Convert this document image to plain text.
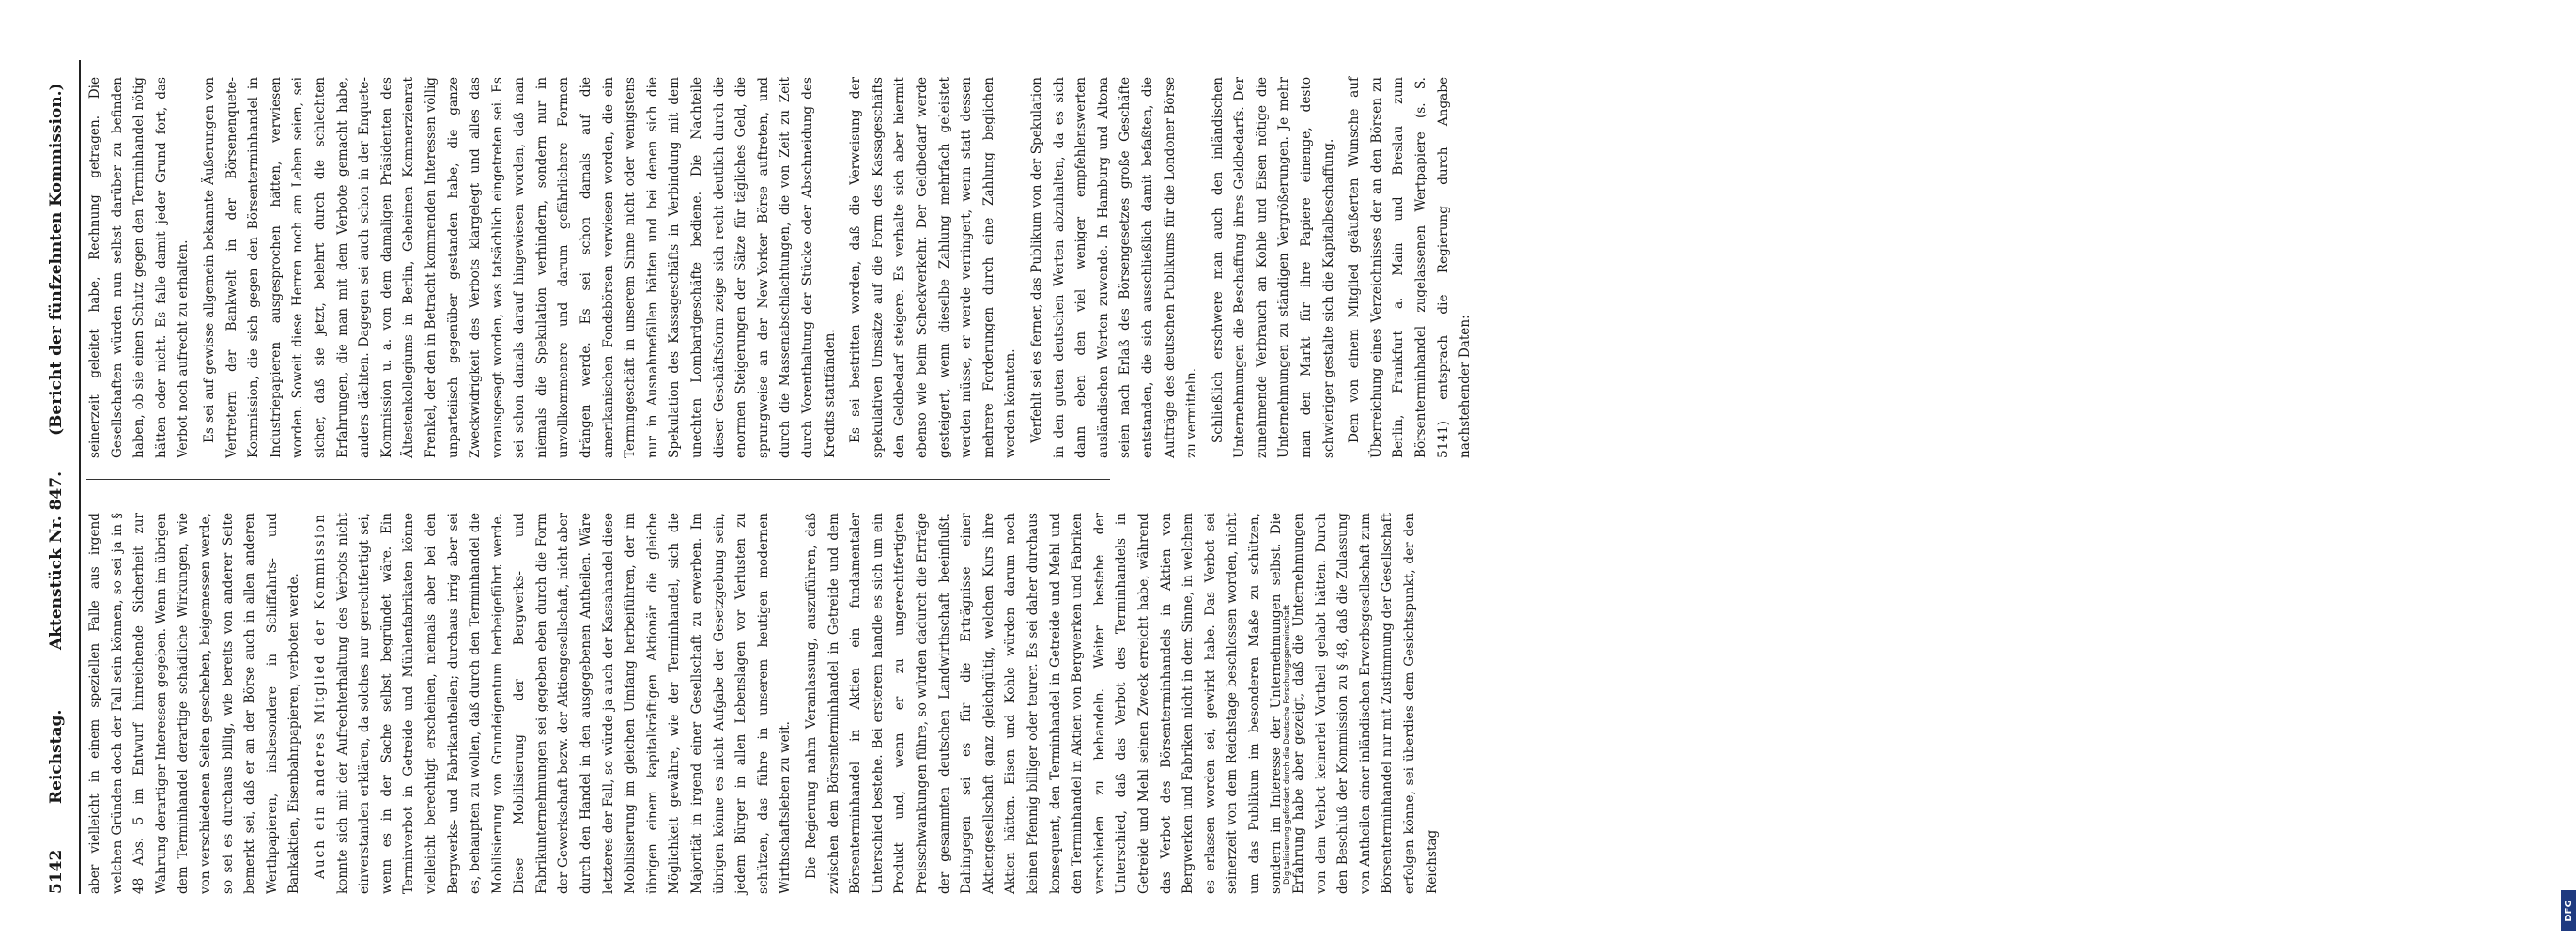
5142
Reichstag.
Aktenstück Nr. 847.
(Bericht der fünfzehnten Kommission.)

aber vielleicht in einem speziellen Falle aus irgend welchen Gründen doch der Fall sein können, so sei ja in § 48 Abs. 5 im Entwurf hinreichende Sicherheit zur Wahrung derartiger Interessen gegeben. Wenn im übrigen dem Terminhandel derartige schädliche Wirkungen, wie von verschiedenen Seiten geschehen, beigemessen werde, so sei es durchaus billig, wie bereits von anderer Seite bemerkt sei, daß er an der Börse auch in allen anderen Werthpapieren, insbesondere in Schiffahrts- und Bankaktien, Eisenbahnpapieren, verboten werde. Auch ein anderes Mitglied der Kommission konnte sich mit der Aufrechterhaltung des Verbots nicht einverstanden erklären, da solches nur gerechtfertigt sei, wenn es in der Sache selbst begründet wäre. Ein Terminverbot in Getreide und Mühlenfabrikaten könne vielleicht berechtigt erscheinen, niemals aber bei den Bergwerks- und Fabrikantheilen; durchaus irrig aber sei es, behaupten zu wollen, daß durch den Terminhandel die Mobilisierung von Grundeigentum herbeigeführt werde. Diese Mobilisierung der Bergwerks- und Fabrikunternehmungen sei gegeben eben durch die Form der Gewerkschaft bezw. der Aktiengesellschaft, nicht aber durch den Handel in den ausgegebenen Antheilen. Wäre letzteres der Fall, so würde ja auch der Kassahandel diese Mobilisierung im gleichen Umfang herbeiführen, der im übrigen einem kapitalkräftigen Aktionär die gleiche Möglichkeit gewähre, wie der Terminhandel, sich die Majorität in irgend einer Gesellschaft zu erwerben. Im übrigen könne es nicht Aufgabe der Gesetzgebung sein, jedem Bürger in allen Lebenslagen vor Verlusten zu schützen, das führe in unserem heutigen modernen Wirthschaftsleben zu weit. Die Regierung nahm Veranlassung, auszuführen, daß zwischen dem Börsenterminhandel in Getreide und dem Börsenterminhandel in Aktien ein fundamentaler Unterschied bestehe. Bei ersterem handle es sich um ein Produkt und, wenn er zu ungerechtfertigten Preisschwankungen führe, so würden dadurch die Erträge der gesammten deutschen Landwirthschaft beeinflußt. Dahingegen sei es für die Erträgnisse einer Aktiengesellschaft ganz gleichgültig, welchen Kurs ihre Aktien hätten. Eisen und Kohle würden darum noch keinen Pfennig billiger oder teurer. Es sei daher durchaus konsequent, den Terminhandel in Getreide und Mehl und den Terminhandel in Aktien von Bergwerken und Fabriken verschieden zu behandeln. Weiter bestehe der Unterschied, daß das Verbot des Terminhandels in Getreide und Mehl seinen Zweck erreicht habe, während das Verbot des Börsenterminhandels in Aktien von Bergwerken und Fabriken nicht in dem Sinne, in welchem es erlassen worden sei, gewirkt habe. Das Verbot sei seinerzeit von dem Reichstage beschlossen worden, nicht um das Publikum im besonderen Maße zu schützen, sondern im Interesse der Unternehmungen selbst. Die Erfahrung habe aber gezeigt, daß die Unternehmungen von dem Verbot keinerlei Vortheil gehabt hätten. Durch den Beschluß der Kommission zu § 48, daß die Zulassung von Antheilen einer inländischen Erwerbsgesellschaft zum Börsenterminhandel nur mit Zustimmung der Gesellschaft erfolgen könne, sei überdies dem Gesichtspunkt, der den Reichstag

seinerzeit geleitet habe, Rechnung getragen. Die Gesellschaften würden nun selbst darüber zu befinden haben, ob sie einen Schutz gegen den Terminhandel nötig hätten oder nicht. Es falle damit jeder Grund fort, das Verbot noch aufrecht zu erhalten. Es sei auf gewisse allgemein bekannte Äußerungen von Vertretern der Bankwelt in der Börsenenquete-Kommission, die sich gegen den Börsenterminhandel in Industriepapieren ausgesprochen hätten, verwiesen worden. Soweit diese Herren noch am Leben seien, sei sicher, daß sie jetzt, belehrt durch die schlechten Erfahrungen, die man mit dem Verbote gemacht habe, anders dächten. Dagegen sei auch schon in der Enquete-Kommission u. a. von dem damaligen Präsidenten des Ältestenkollegiums in Berlin, Geheimen Kommerzienrat Frenkel, der den in Betracht kommenden Interessen völlig unparteiisch gegenüber gestanden habe, die ganze Zweckwidrigkeit des Verbots klargelegt und alles das vorausgesagt worden, was tatsächlich eingetreten sei. Es sei schon damals darauf hingewiesen worden, daß man niemals die Spekulation verhindern, sondern nur in unvollkommenere und darum gefährlichere Formen drängen werde. Es sei schon damals auf die amerikanischen Fondsbörsen verwiesen worden, die ein Termingeschäft in unserem Sinne nicht oder wenigstens nur in Ausnahmefällen hätten und bei denen sich die Spekulation des Kassageschäfts in Verbindung mit dem unechten Lombardgeschäfte bediene. Die Nachteile dieser Geschäftsform zeige sich recht deutlich durch die enormen Steigerungen der Sätze für tägliches Geld, die sprungweise an der New-Yorker Börse auftreten, und durch die Massenabschlachtungen, die von Zeit zu Zeit durch Vorenthaltung der Stücke oder Abschneidung des Kredits stattfänden. Es sei bestritten worden, daß die Verweisung der spekulativen Umsätze auf die Form des Kassageschäfts den Geldbedarf steigere. Es verhalte sich aber hiermit ebenso wie beim Scheckverkehr. Der Geldbedarf werde gesteigert, wenn dieselbe Zahlung mehrfach geleistet werden müsse, er werde verringert, wenn statt dessen mehrere Forderungen durch eine Zahlung beglichen werden könnten. Verfehlt sei es ferner, das Publikum von der Spekulation in den guten deutschen Werten abzuhalten, da es sich dann eben den viel weniger empfehlenswerten ausländischen Werten zuwende. In Hamburg und Altona seien nach Erlaß des Börsengesetzes große Geschäfte entstanden, die sich ausschließlich damit befaßten, die Aufträge des deutschen Publikums für die Londoner Börse zu vermitteln. Schließlich erschwere man auch den inländischen Unternehmungen die Beschaffung ihres Geldbedarfs. Der zunehmende Verbrauch an Kohle und Eisen nötige die Unternehmungen zu ständigen Vergrößerungen. Je mehr man den Markt für ihre Papiere einenge, desto schwieriger gestalte sich die Kapitalbeschaffung. Dem von einem Mitglied geäußerten Wunsche auf Überreichung eines Verzeichnisses der an den Börsen zu Berlin, Frankfurt a. Main und Breslau zum Börsenterminhandel zugelassenen Wertpapiere (s. S. 5141) entsprach die Regierung durch Angabe nachstehender Daten:

DFG
Digitalisierung gefördert durch die Deutsche Forschungsgemeinschaft
